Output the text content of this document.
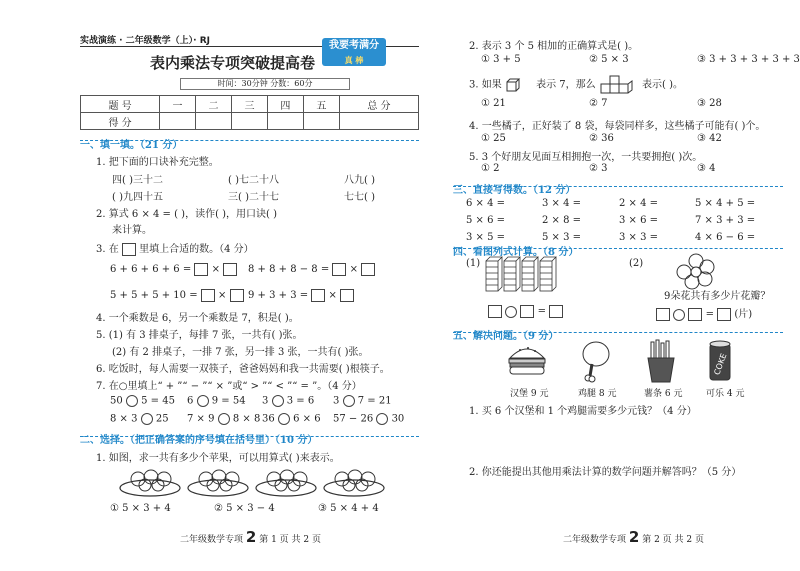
实战演练 · 二年级数学（上）· RJ
表内乘法专项突破提高卷
我要考满分
真 棒
时间：30分钟 分数：60分
题 号	一	二	三	四	五	总 分
得 分						
一、填一填。（21 分）
1. 把下面的口诀补充完整。
四( )三十二	( )七二十八	八九( )
( )九四十五	三( )二十七	七七( )
2. 算式 6 × 4 = ( )，读作( )，用口诀( )
来计算。
3. 在 里填上合适的数。（4 分）
6 + 6 + 6 + 6 = ×	8 + 8 + 8 − 8 = ×
5 + 5 + 5 + 10 = ×	9 + 3 + 3 = ×
4. 一个乘数是 6，另一个乘数是 7，积是( )。
5. (1) 有 3 排桌子，每排 7 张，一共有( )张。
(2) 有 2 排桌子，一排 7 张，另一排 3 张，一共有( )张。
6. 吃饭时，每人需要一双筷子，爸爸妈妈和我一共需要( )根筷子。
7. 在○里填上“ + ”“ − ”“ × ”或“ > ”“ < ”“ = ”。（4 分）
50 5 = 45 6 9 = 54 3 3 = 6 3 7 = 21
8 × 3 25 7 × 9 8 × 8 36 6 × 6 57 − 26 30
二、选择。（把正确答案的序号填在括号里）（10 分）
1. 如图，求一共有多少个苹果，可以用算式( )来表示。
① 5 × 3 + 4	② 5 × 3 − 4	③ 5 × 4 + 4
二年级数学专项 2 第 1 页 共 2 页
2. 表示 3 个 5 相加的正确算式是( )。
① 3 + 5	② 5 × 3	③ 3 + 3 + 3 + 3 + 3
3. 如果	表示 7，那么	表示( )。
① 21	② 7	③ 28
4. 一些橘子，正好装了 8 袋，每袋同样多，这些橘子可能有( )个。
① 25	② 36	③ 42
5. 3 个好朋友见面互相拥抱一次，一共要拥抱( )次。
① 2	② 3	③ 4
三、直接写得数。（12 分）
6 × 4 =	3 × 4 =	2 × 4 =	5 × 4 + 5 =
5 × 6 =	2 × 8 =	3 × 6 =	7 × 3 + 3 =
3 × 5 =	5 × 3 =	3 × 3 =	4 × 6 − 6 =
四、看图列式计算。（8 分）
(1)	(2)
9朵花共有多少片花瓣？
=	= (片)
五、解决问题。（9 分）
COKE
汉堡 9 元	鸡腿 8 元	薯条 6 元	可乐 4 元
1. 买 6 个汉堡和 1 个鸡腿需要多少元钱？（4 分）
2. 你还能提出其他用乘法计算的数学问题并解答吗？（5 分）
二年级数学专项 2 第 2 页 共 2 页
